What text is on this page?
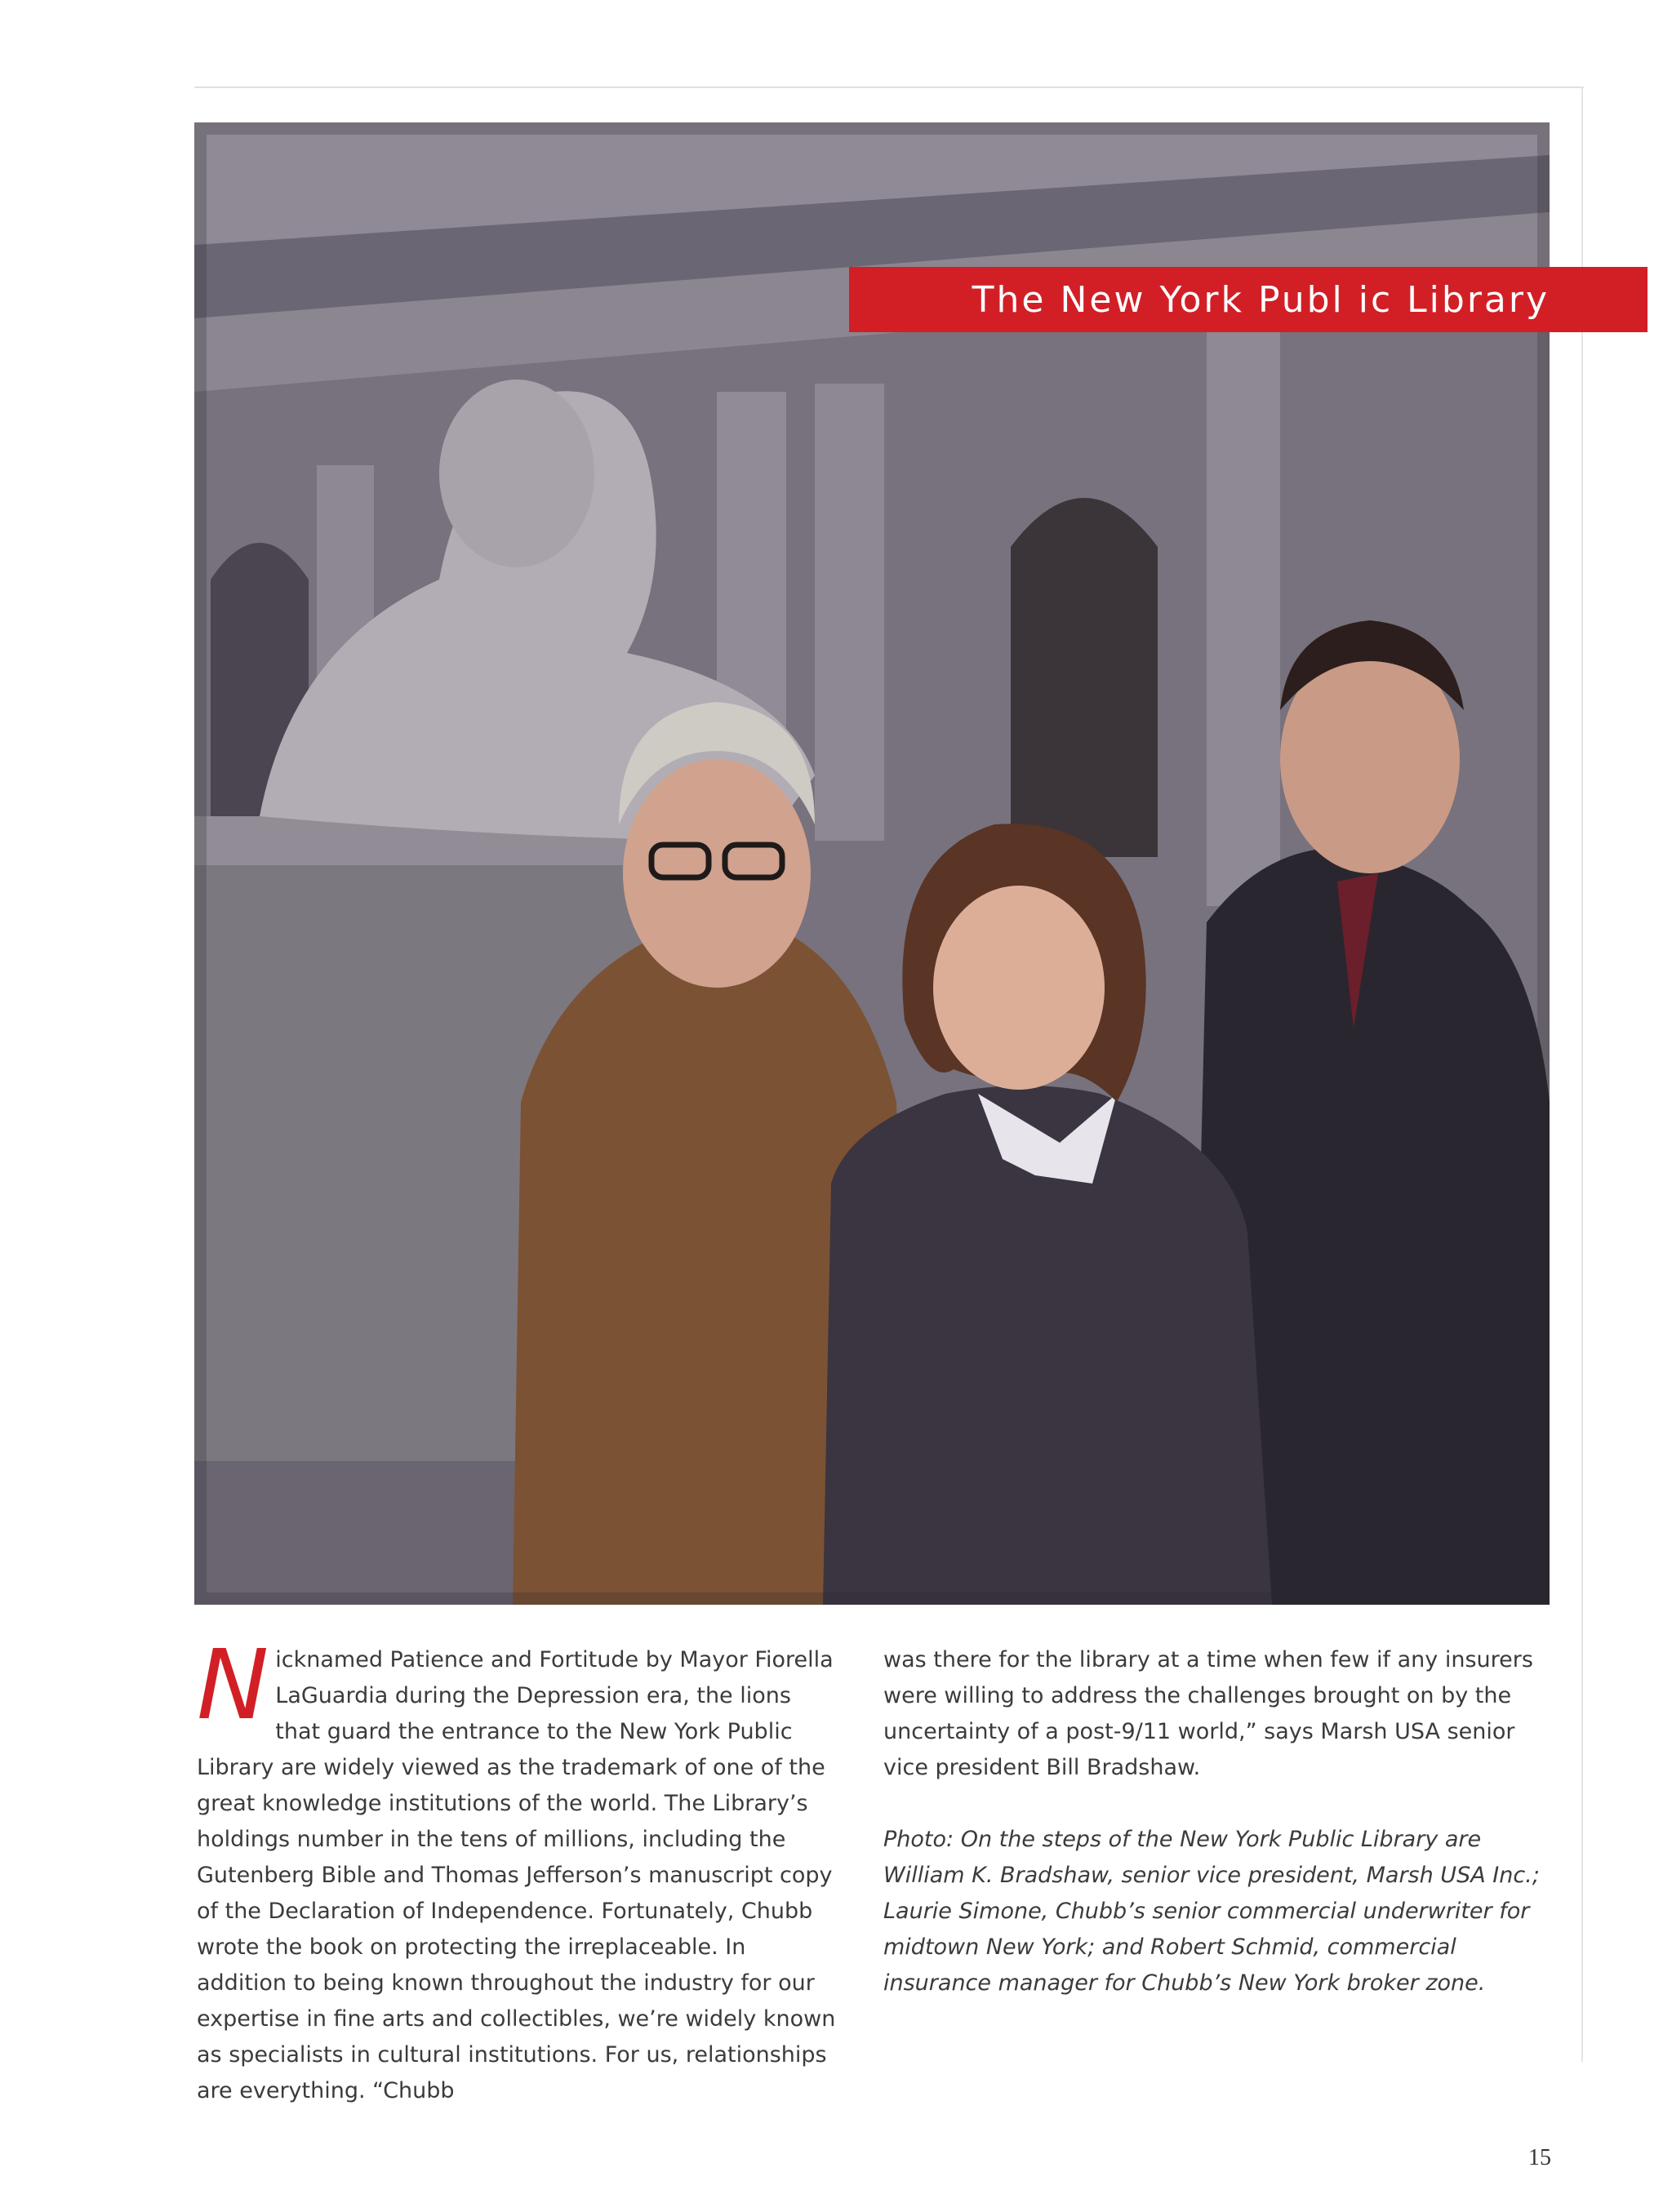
The New York Publ ic Library
N icknamed Patience and Fortitude by Mayor Fiorella LaGuardia during the Depression era, the lions that guard the entrance to the New York Public Library are widely viewed as the trademark of one of the great knowledge institutions of the world. The Library’s holdings number in the tens of millions, including the Gutenberg Bible and Thomas Jefferson’s manuscript copy of the Declaration of Independence. Fortunately, Chubb wrote the book on protecting the irreplaceable. In addition to being known throughout the industry for our expertise in fine arts and collectibles, we’re widely known as specialists in cultural institutions. For us, relationships are everything. “Chubb

was there for the library at a time when few if any insurers were willing to address the challenges brought on by the uncertainty of a post-9/11 world,” says Marsh USA senior vice president Bill Bradshaw.

Photo: On the steps of the New York Public Library are William K. Bradshaw, senior vice president, Marsh USA Inc.; Laurie Simone, Chubb’s senior commercial underwriter for midtown New York; and Robert Schmid, commercial insurance manager for Chubb’s New York broker zone.

15
